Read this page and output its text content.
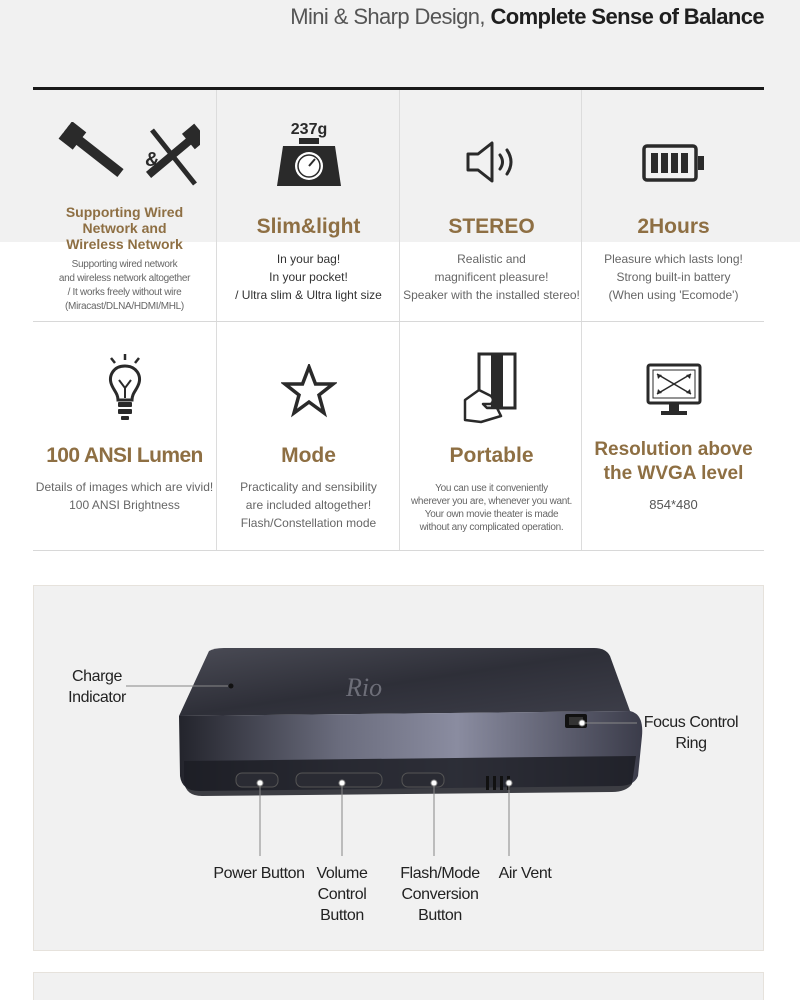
Mini & Sharp Design, Complete Sense of Balance
&
Supporting Wired
Network and
Wireless Network
Supporting wired network
and wireless network altogether
/ It works freely without wire
(Miracast/DLNA/HDMI/MHL)
237g
Slim&light
In your bag!
In your pocket!
/ Ultra slim & Ultra light size
STEREO
Realistic and
magnificent pleasure!
Speaker with the installed stereo!
2Hours
Pleasure which lasts long!
Strong built-in battery
(When using 'Ecomode')
100 ANSI Lumen
Details of images which are vivid!
100 ANSI Brightness
Mode
Practicality and sensibility
are included altogether!
Flash/Constellation mode
Portable
You can use it conveniently
wherever you are, whenever you want.
Your own movie theater is made
without any complicated operation.
Resolution above
the WVGA level
854*480
Rio
Charge
Indicator
Focus Control
Ring
Power Button Volume
Control
Button
Flash/Mode
Conversion
Button
Air Vent
